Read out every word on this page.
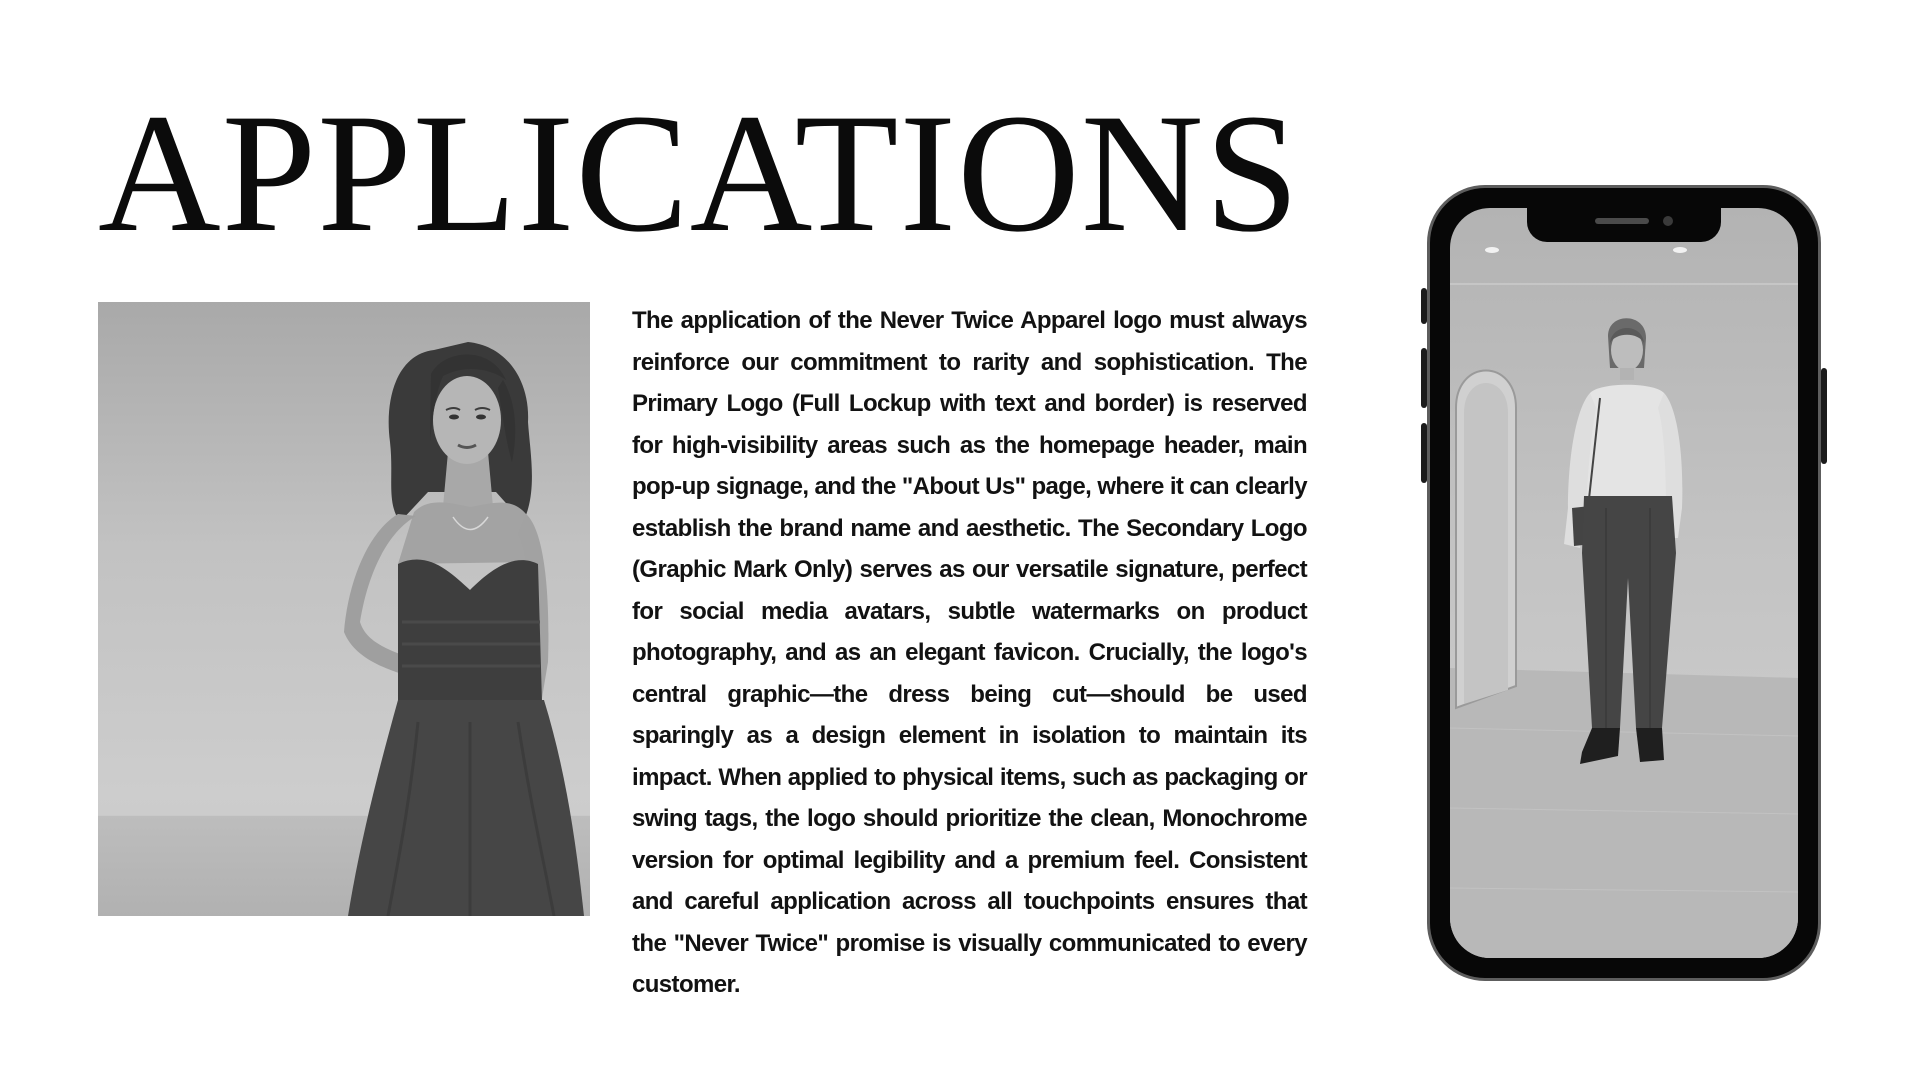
APPLICATIONS

The application of the Never Twice Apparel logo must always reinforce our commitment to rarity and sophistication. The Primary Logo (Full Lockup with text and border) is reserved for high-visibility areas such as the homepage header, main pop-up signage, and the "About Us" page, where it can clearly establish the brand name and aesthetic. The Secondary Logo (Graphic Mark Only) serves as our versatile signature, perfect for social media avatars, subtle watermarks on product photography, and as an elegant favicon. Crucially, the logo's central graphic—the dress being cut—should be used sparingly as a design element in isolation to maintain its impact. When applied to physical items, such as packaging or swing tags, the logo should prioritize the clean, Monochrome version for optimal legibility and a premium feel. Consistent and careful application across all touchpoints ensures that the "Never Twice" promise is visually communicated to every customer.
